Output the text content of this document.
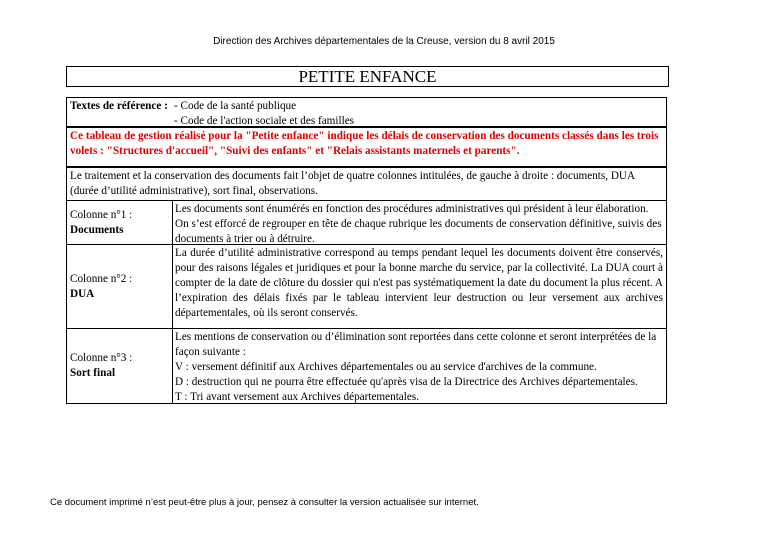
Direction des Archives départementales de la Creuse, version du 8 avril 2015
PETITE ENFANCE
Textes de référence : - Code de la santé publique
- Code de l'action sociale et des familles
Ce tableau de gestion réalisé pour la "Petite enfance" indique les délais de conservation des documents classés dans les trois volets : "Structures d'accueil", "Suivi des enfants" et "Relais assistants maternels et parents".
Le traitement et la conservation des documents fait l’objet de quatre colonnes intitulées, de gauche à droite : documents, DUA (durée d’utilité administrative), sort final, observations.
Colonne n°1 :
Documents
Les documents sont énumérés en fonction des procédures administratives qui président à leur élaboration. On s’est efforcé de regrouper en tête de chaque rubrique les documents de conservation définitive, suivis des documents à trier ou à détruire.
Colonne n°2 :
DUA
La durée d’utilité administrative correspond au temps pendant lequel les documents doivent être conservés, pour des raisons légales et juridiques et pour la bonne marche du service, par la collectivité. La DUA court à compter de la date de clôture du dossier qui n'est pas systématiquement la date du document la plus récent. A l’expiration des délais fixés par le tableau intervient leur destruction ou leur versement aux archives départementales, où ils seront conservés.
Colonne n°3 :
Sort final
Les mentions de conservation ou d’élimination sont reportées dans cette colonne et seront interprétées de la façon suivante :
V : versement définitif aux Archives départementales ou au service d'archives de la commune.
D : destruction qui ne pourra être effectuée qu'après visa de la Directrice des Archives départementales.
T : Tri avant versement aux Archives départementales.
Ce document imprimé n’est peut-être plus à jour, pensez à consulter la version actualisée sur internet.
